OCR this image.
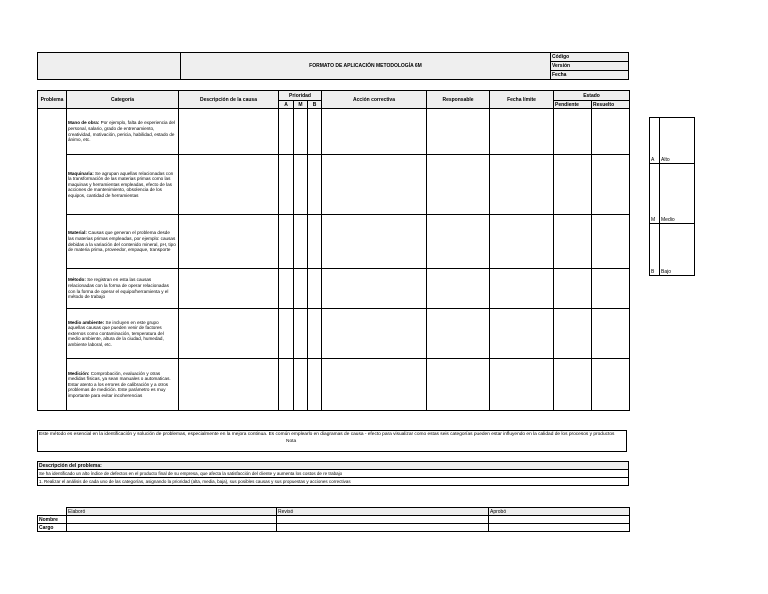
	FORMATO DE APLICACIÓN METODOLOGÍA 6M	Código
Versión
Fecha
Problema	Categoría	Descripción de la causa	Prioridad			Acción correctiva	Responsable	Fecha límite	Estado	
			A	M	B				Pendiente	Resuelto
	Mano de obra: Por ejemplo, falta de experiencia del personal, salario, grado de entrenamiento, creatividad, motivación, pericia, habilidad, estado de ánimo, etc.									
	Maquinaria: Se agrupan aquellas relacionadas con la transformación de las materias primas como las maquinas y herramientas empleadas, efecto de las acciones de mantenimiento, obsolencia de los equipos, cantidad de herramientas									
	Material: Causas que generan el problema desde las materias primas empleadas, por ejemplo: causas debidas a la variación del contenido mineral, pH, tipo de materia prima, proveedor, empaque, transporte									
	Método: Se registran en esta las causas relacionadas con la forma de operar relacionadas con la forma de operar el equipo/herramienta y el método de trabajo									
	Medio ambiente: Se incluyen en este grupo aquellas causas que pueden venir de factores externos como contaminación, temperatura del medio ambiente, altura de la ciudad, humedad, ambiente laboral, etc.									
	Medición: Comprobación, evaluación y otras medidas físicas, ya sean manuales o automaticas. Estar atento a los errores de calibración y a otros problemas de medición. Este parámetro es muy importante para evitar incoherencias									
Este método es esencial en la identificación y solución de problemas, especialmente en la mejora continua. Es común emplearlo en diagramas de causa - efecto para visualizar como estas seis categorías pueden estar influyendo en la calidad de los procesos y productos
Nota
Descripción del problema:
Se ha identificado un alto índice de defectos en el producto final de su empresa, que afecta la satisfacción del cliente y aumenta los costos de re trabajo
1. Realizar el análisis de cada uno de las categorías, asignando la prioridad (alta, media, baja), sus posibles causas y sus propuestas y acciones correctivas
	Elaboró	Revisó	Aprobó
Nombre			
Cargo			
A	Alto
M	Medio
B	Bajo
